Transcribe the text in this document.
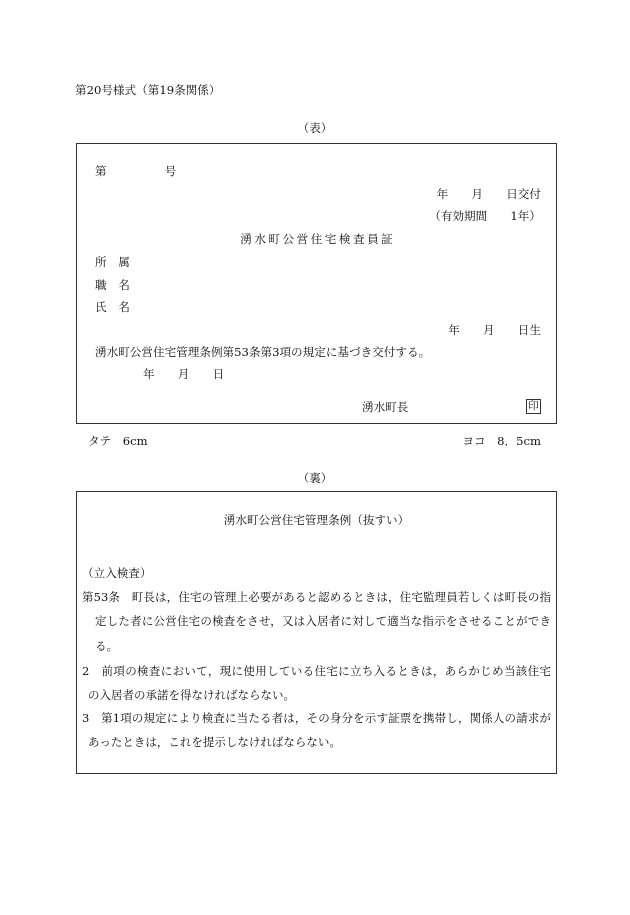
第20号様式（第19条関係）
（表）
第　　　　　号
年　　月　　日交付
（有効期間　　1年）
湧水町公営住宅検査員証
所　属
職　名
氏　名
年　　月　　日生
湧水町公営住宅管理条例第53条第3項の規定に基づき交付する。
年　　月　　日
湧水町長	印
タテ　6cm	ヨコ　8．5cm
（裏）
湧水町公営住宅管理条例（抜すい）
（立入検査）
第53条　町長は，住宅の管理上必要があると認めるときは，住宅監理員若しくは町長の指
定した者に公営住宅の検査をさせ，又は入居者に対して適当な指示をさせることができ
る。
2　前項の検査において，現に使用している住宅に立ち入るときは，あらかじめ当該住宅
の入居者の承諾を得なければならない。
3　第1項の規定により検査に当たる者は，その身分を示す証票を携帯し，関係人の請求が
あったときは，これを提示しなければならない。
